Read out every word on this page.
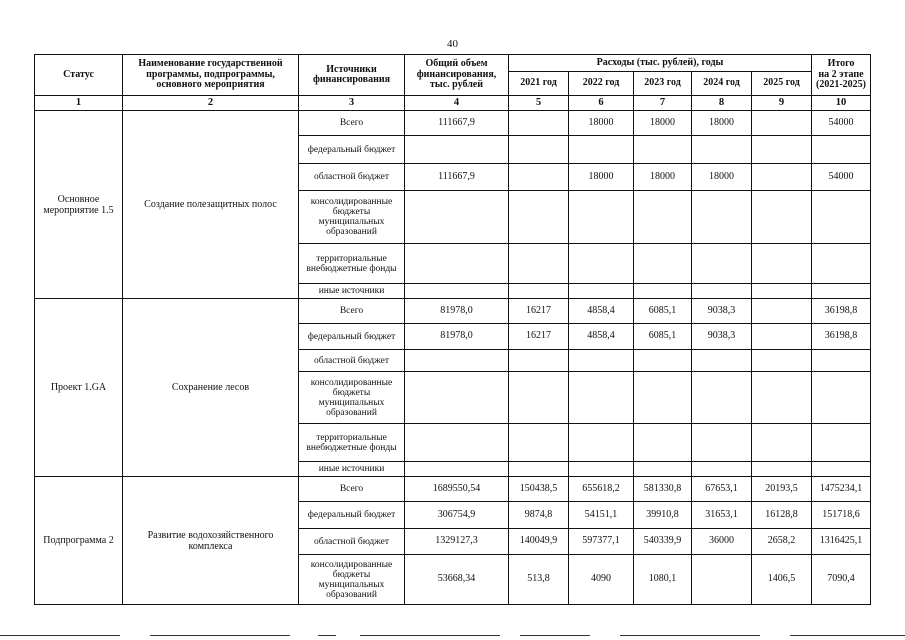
40
Статус	Наименование государственной программы, подпрограммы, основного мероприятия	Источники финансирования	Общий объем финансирования, тыс. рублей	Расходы (тыс. рублей), годы					Итого
на 2 этапе (2021-2025)
				2021 год	2022 год	2023 год	2024 год	2025 год	
1	2	3	4	5	6	7	8	9	10
Основное мероприятие 1.5	Создание полезащитных полос	Всего	111667,9		18000	18000	18000		54000
		федеральный бюджет							
		областной бюджет	111667,9		18000	18000	18000		54000
		консолидированные бюджеты муниципальных образований							
		территориальные внебюджетные фонды							
		иные источники							
Проект 1.GA	Сохранение лесов	Всего	81978,0	16217	4858,4	6085,1	9038,3		36198,8
		федеральный бюджет	81978,0	16217	4858,4	6085,1	9038,3		36198,8
		областной бюджет							
		консолидированные бюджеты муниципальных образований							
		территориальные внебюджетные фонды							
		иные источники							
Подпрограмма 2	Развитие водохозяйственного комплекса	Всего	1689550,54	150438,5	655618,2	581330,8	67653,1	20193,5	1475234,1
		федеральный бюджет	306754,9	9874,8	54151,1	39910,8	31653,1	16128,8	151718,6
		областной бюджет	1329127,3	140049,9	597377,1	540339,9	36000	2658,2	1316425,1
		консолидированные бюджеты муниципальных образований	53668,34	513,8	4090	1080,1		1406,5	7090,4
